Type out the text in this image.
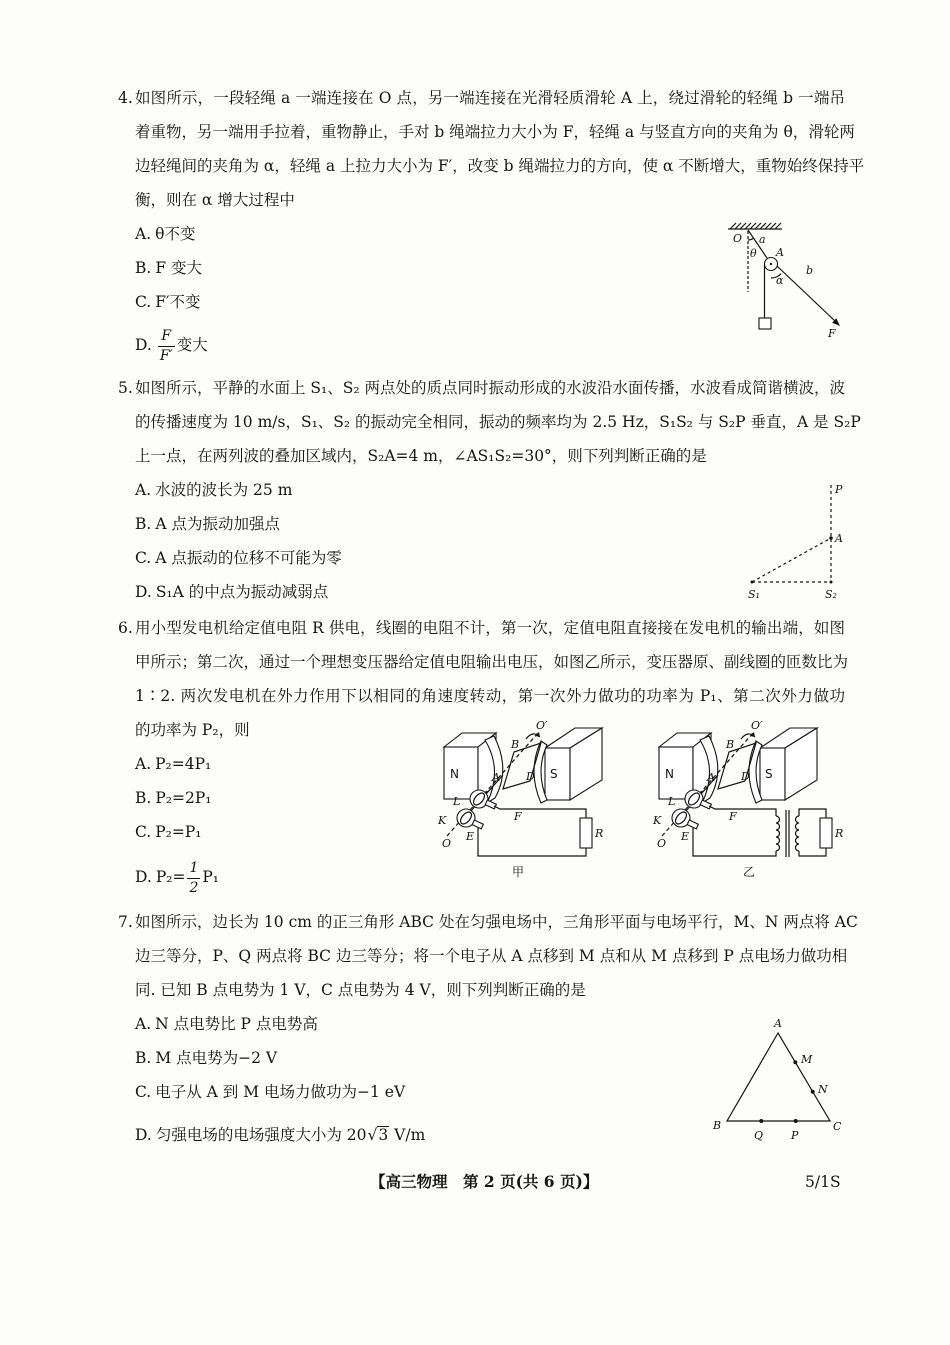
4. 如图所示，一段轻绳 a 一端连接在 O 点，另一端连接在光滑轻质滑轮 A 上，绕过滑轮的轻绳 b 一端吊
着重物，另一端用手拉着，重物静止，手对 b 绳端拉力大小为 F，轻绳 a 与竖直方向的夹角为 θ，滑轮两
边轻绳间的夹角为 α，轻绳 a 上拉力大小为 F′，改变 b 绳端拉力的方向，使 α 不断增大，重物始终保持平
衡，则在 α 增大过程中
A. θ不变
B. F 变大
C. F′不变
D. $\frac{F}{F'}$ 变大
5. 如图所示，平静的水面上 S₁、S₂ 两点处的质点同时振动形成的水波沿水面传播，水波看成简谐横波，波
的传播速度为 10 m/s，S₁、S₂ 的振动完全相同，振动的频率均为 2.5 Hz，S₁S₂ 与 S₂P 垂直，A 是 S₂P
上一点，在两列波的叠加区域内，S₂A=4 m，∠AS₁S₂=30°，则下列判断正确的是
A. 水波的波长为 25 m
B. A 点为振动加强点
C. A 点振动的位移不可能为零
D. S₁A 的中点为振动减弱点
6. 用小型发电机给定值电阻 R 供电，线圈的电阻不计，第一次，定值电阻直接接在发电机的输出端，如图
甲所示；第二次，通过一个理想变压器给定值电阻输出电压，如图乙所示，变压器原、副线圈的匝数比为
1∶2. 两次发电机在外力作用下以相同的角速度转动，第一次外力做功的功率为 P₁、第二次外力做功
的功率为 P₂，则
A. P₂=4P₁
B. P₂=2P₁
C. P₂=P₁
D. $P_2= \frac{1}{2} P_1$
7. 如图所示，边长为 10 cm 的正三角形 ABC 处在匀强电场中，三角形平面与电场平行，M、N 两点将 AC
边三等分，P、Q 两点将 BC 边三等分；将一个电子从 A 点移到 M 点和从 M 点移到 P 点电场力做功相
同. 已知 B 点电势为 1 V，C 点电势为 4 V，则下列判断正确的是
A. N 点电势比 P 点电势高
B. M 点电势为−2 V
C. 电子从 A 到 M 电场力做功为−1 eV
D. 匀强电场的电场强度大小为 20√3 V/m
【高三物理　第 2 页(共 6 页)】	5/1S
O
θ
a
A
α
b
F
P
A
S₁	S₂
N	S
A
B
D
O
O′
K
L
E
F
R
甲
N	S
A
B
D
O
O′
K
L
E
F
R
乙
A
M
N
B
Q	P
C
